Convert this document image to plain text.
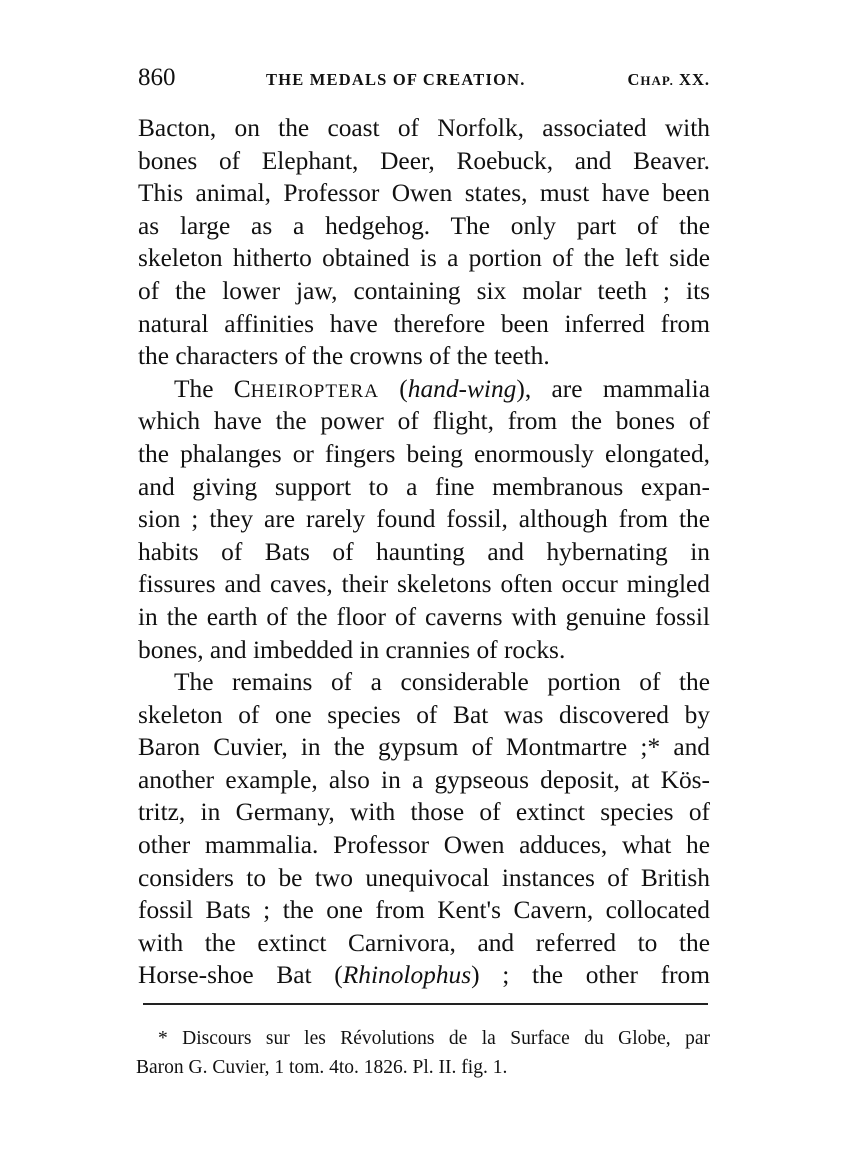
860	THE MEDALS OF CREATION.	CHAP. XX.
Bacton, on the coast of Norfolk, associated with
bones of Elephant, Deer, Roebuck, and Beaver.
This animal, Professor Owen states, must have been
as large as a hedgehog. The only part of the
skeleton hitherto obtained is a portion of the left side
of the lower jaw, containing six molar teeth ; its
natural affinities have therefore been inferred from
the characters of the crowns of the teeth.
The CHEIROPTERA (hand-wing), are mammalia
which have the power of flight, from the bones of
the phalanges or fingers being enormously elongated,
and giving support to a fine membranous expan-
sion ; they are rarely found fossil, although from the
habits of Bats of haunting and hybernating in
fissures and caves, their skeletons often occur mingled
in the earth of the floor of caverns with genuine fossil
bones, and imbedded in crannies of rocks.
The remains of a considerable portion of the
skeleton of one species of Bat was discovered by
Baron Cuvier, in the gypsum of Montmartre ;* and
another example, also in a gypseous deposit, at Kös-
tritz, in Germany, with those of extinct species of
other mammalia. Professor Owen adduces, what he
considers to be two unequivocal instances of British
fossil Bats ; the one from Kent's Cavern, collocated
with the extinct Carnivora, and referred to the
Horse-shoe Bat (Rhinolophus) ; the other from
* Discours sur les Révolutions de la Surface du Globe, par
Baron G. Cuvier, 1 tom. 4to. 1826. Pl. II. fig. 1.
